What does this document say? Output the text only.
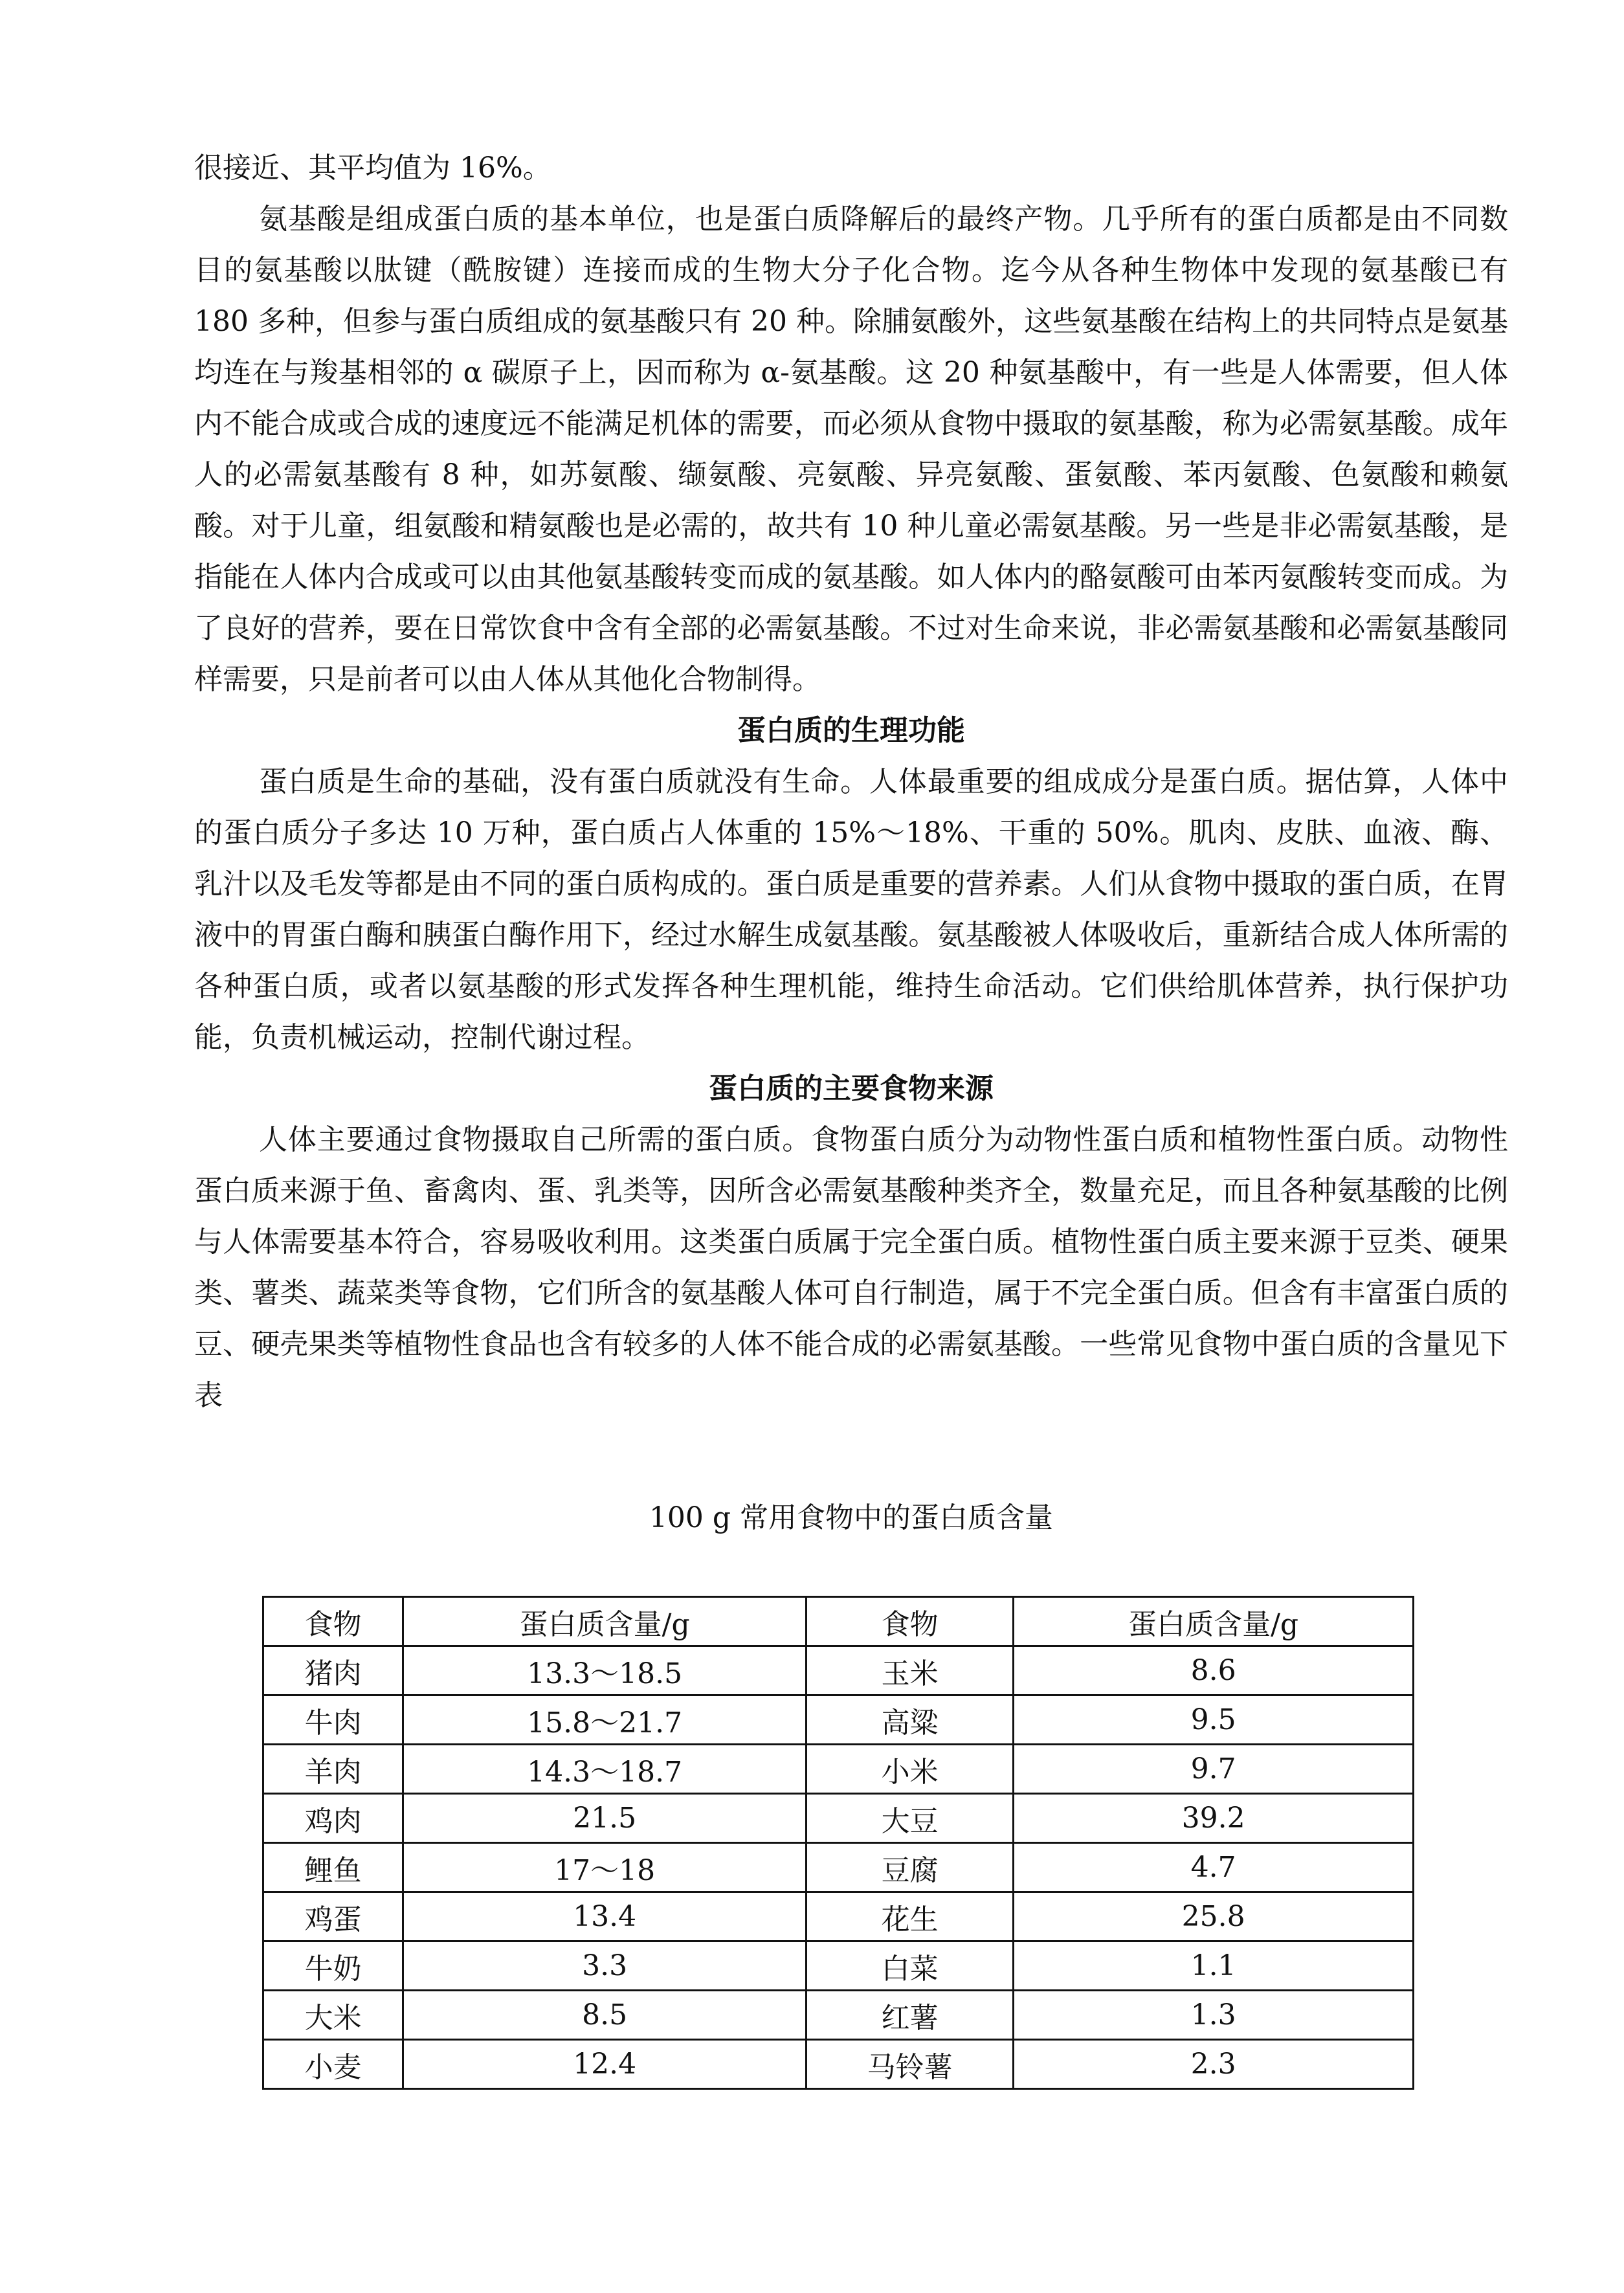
很接近、其平均值为 16%。

氨基酸是组成蛋白质的基本单位，也是蛋白质降解后的最终产物。几乎所有的蛋白质都是由不同数目的氨基酸以肽键（酰胺键）连接而成的生物大分子化合物。迄今从各种生物体中发现的氨基酸已有 180 多种，但参与蛋白质组成的氨基酸只有 20 种。除脯氨酸外，这些氨基酸在结构上的共同特点是氨基均连在与羧基相邻的 α 碳原子上，因而称为 α-氨基酸。这 20 种氨基酸中，有一些是人体需要，但人体内不能合成或合成的速度远不能满足机体的需要，而必须从食物中摄取的氨基酸，称为必需氨基酸。成年人的必需氨基酸有 8 种，如苏氨酸、缬氨酸、亮氨酸、异亮氨酸、蛋氨酸、苯丙氨酸、色氨酸和赖氨酸。对于儿童，组氨酸和精氨酸也是必需的，故共有 10 种儿童必需氨基酸。另一些是非必需氨基酸，是指能在人体内合成或可以由其他氨基酸转变而成的氨基酸。如人体内的酪氨酸可由苯丙氨酸转变而成。为了良好的营养，要在日常饮食中含有全部的必需氨基酸。不过对生命来说，非必需氨基酸和必需氨基酸同样需要，只是前者可以由人体从其他化合物制得。

蛋白质的生理功能

蛋白质是生命的基础，没有蛋白质就没有生命。人体最重要的组成成分是蛋白质。据估算，人体中的蛋白质分子多达 10 万种，蛋白质占人体重的 15%～18%、干重的 50%。肌肉、皮肤、血液、酶、乳汁以及毛发等都是由不同的蛋白质构成的。蛋白质是重要的营养素。人们从食物中摄取的蛋白质，在胃液中的胃蛋白酶和胰蛋白酶作用下，经过水解生成氨基酸。氨基酸被人体吸收后，重新结合成人体所需的各种蛋白质，或者以氨基酸的形式发挥各种生理机能，维持生命活动。它们供给肌体营养，执行保护功能，负责机械运动，控制代谢过程。

蛋白质的主要食物来源

人体主要通过食物摄取自己所需的蛋白质。食物蛋白质分为动物性蛋白质和植物性蛋白质。动物性蛋白质来源于鱼、畜禽肉、蛋、乳类等，因所含必需氨基酸种类齐全，数量充足，而且各种氨基酸的比例与人体需要基本符合，容易吸收利用。这类蛋白质属于完全蛋白质。植物性蛋白质主要来源于豆类、硬果类、薯类、蔬菜类等食物，它们所含的氨基酸人体可自行制造，属于不完全蛋白质。但含有丰富蛋白质的豆、硬壳果类等植物性食品也含有较多的人体不能合成的必需氨基酸。一些常见食物中蛋白质的含量见下表

100 g 常用食物中的蛋白质含量
食物	蛋白质含量/g	食物	蛋白质含量/g
猪肉	13.3～18.5	玉米	8.6
牛肉	15.8～21.7	高粱	9.5
羊肉	14.3～18.7	小米	9.7
鸡肉	21.5	大豆	39.2
鲤鱼	17～18	豆腐	4.7
鸡蛋	13.4	花生	25.8
牛奶	3.3	白菜	1.1
大米	8.5	红薯	1.3
小麦	12.4	马铃薯	2.3
